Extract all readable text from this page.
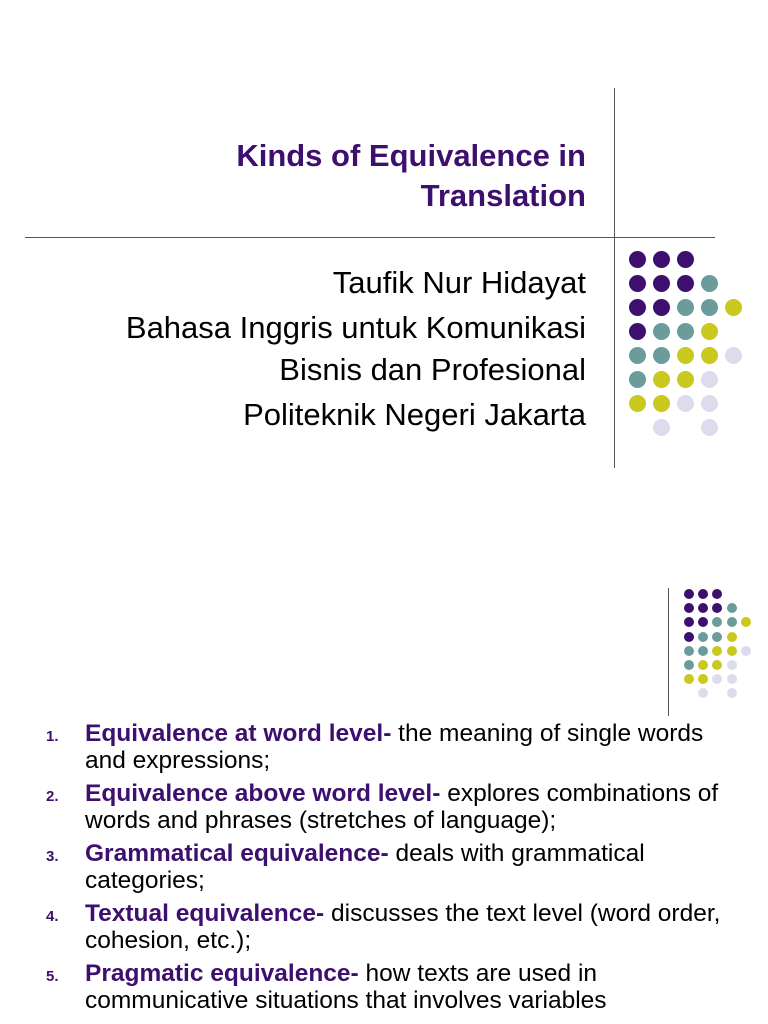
Kinds of Equivalence in
Translation
Taufik Nur Hidayat
Bahasa Inggris untuk Komunikasi
Bisnis dan Profesional
Politeknik Negeri Jakarta
1. Equivalence at word level- the meaning of single words and expressions;
2. Equivalence above word level- explores combinations of words and phrases (stretches of language);
3. Grammatical equivalence- deals with grammatical categories;
4. Textual equivalence- discusses the text level (word order, cohesion, etc.);
5. Pragmatic equivalence- how texts are used in communicative situations that involves variables
